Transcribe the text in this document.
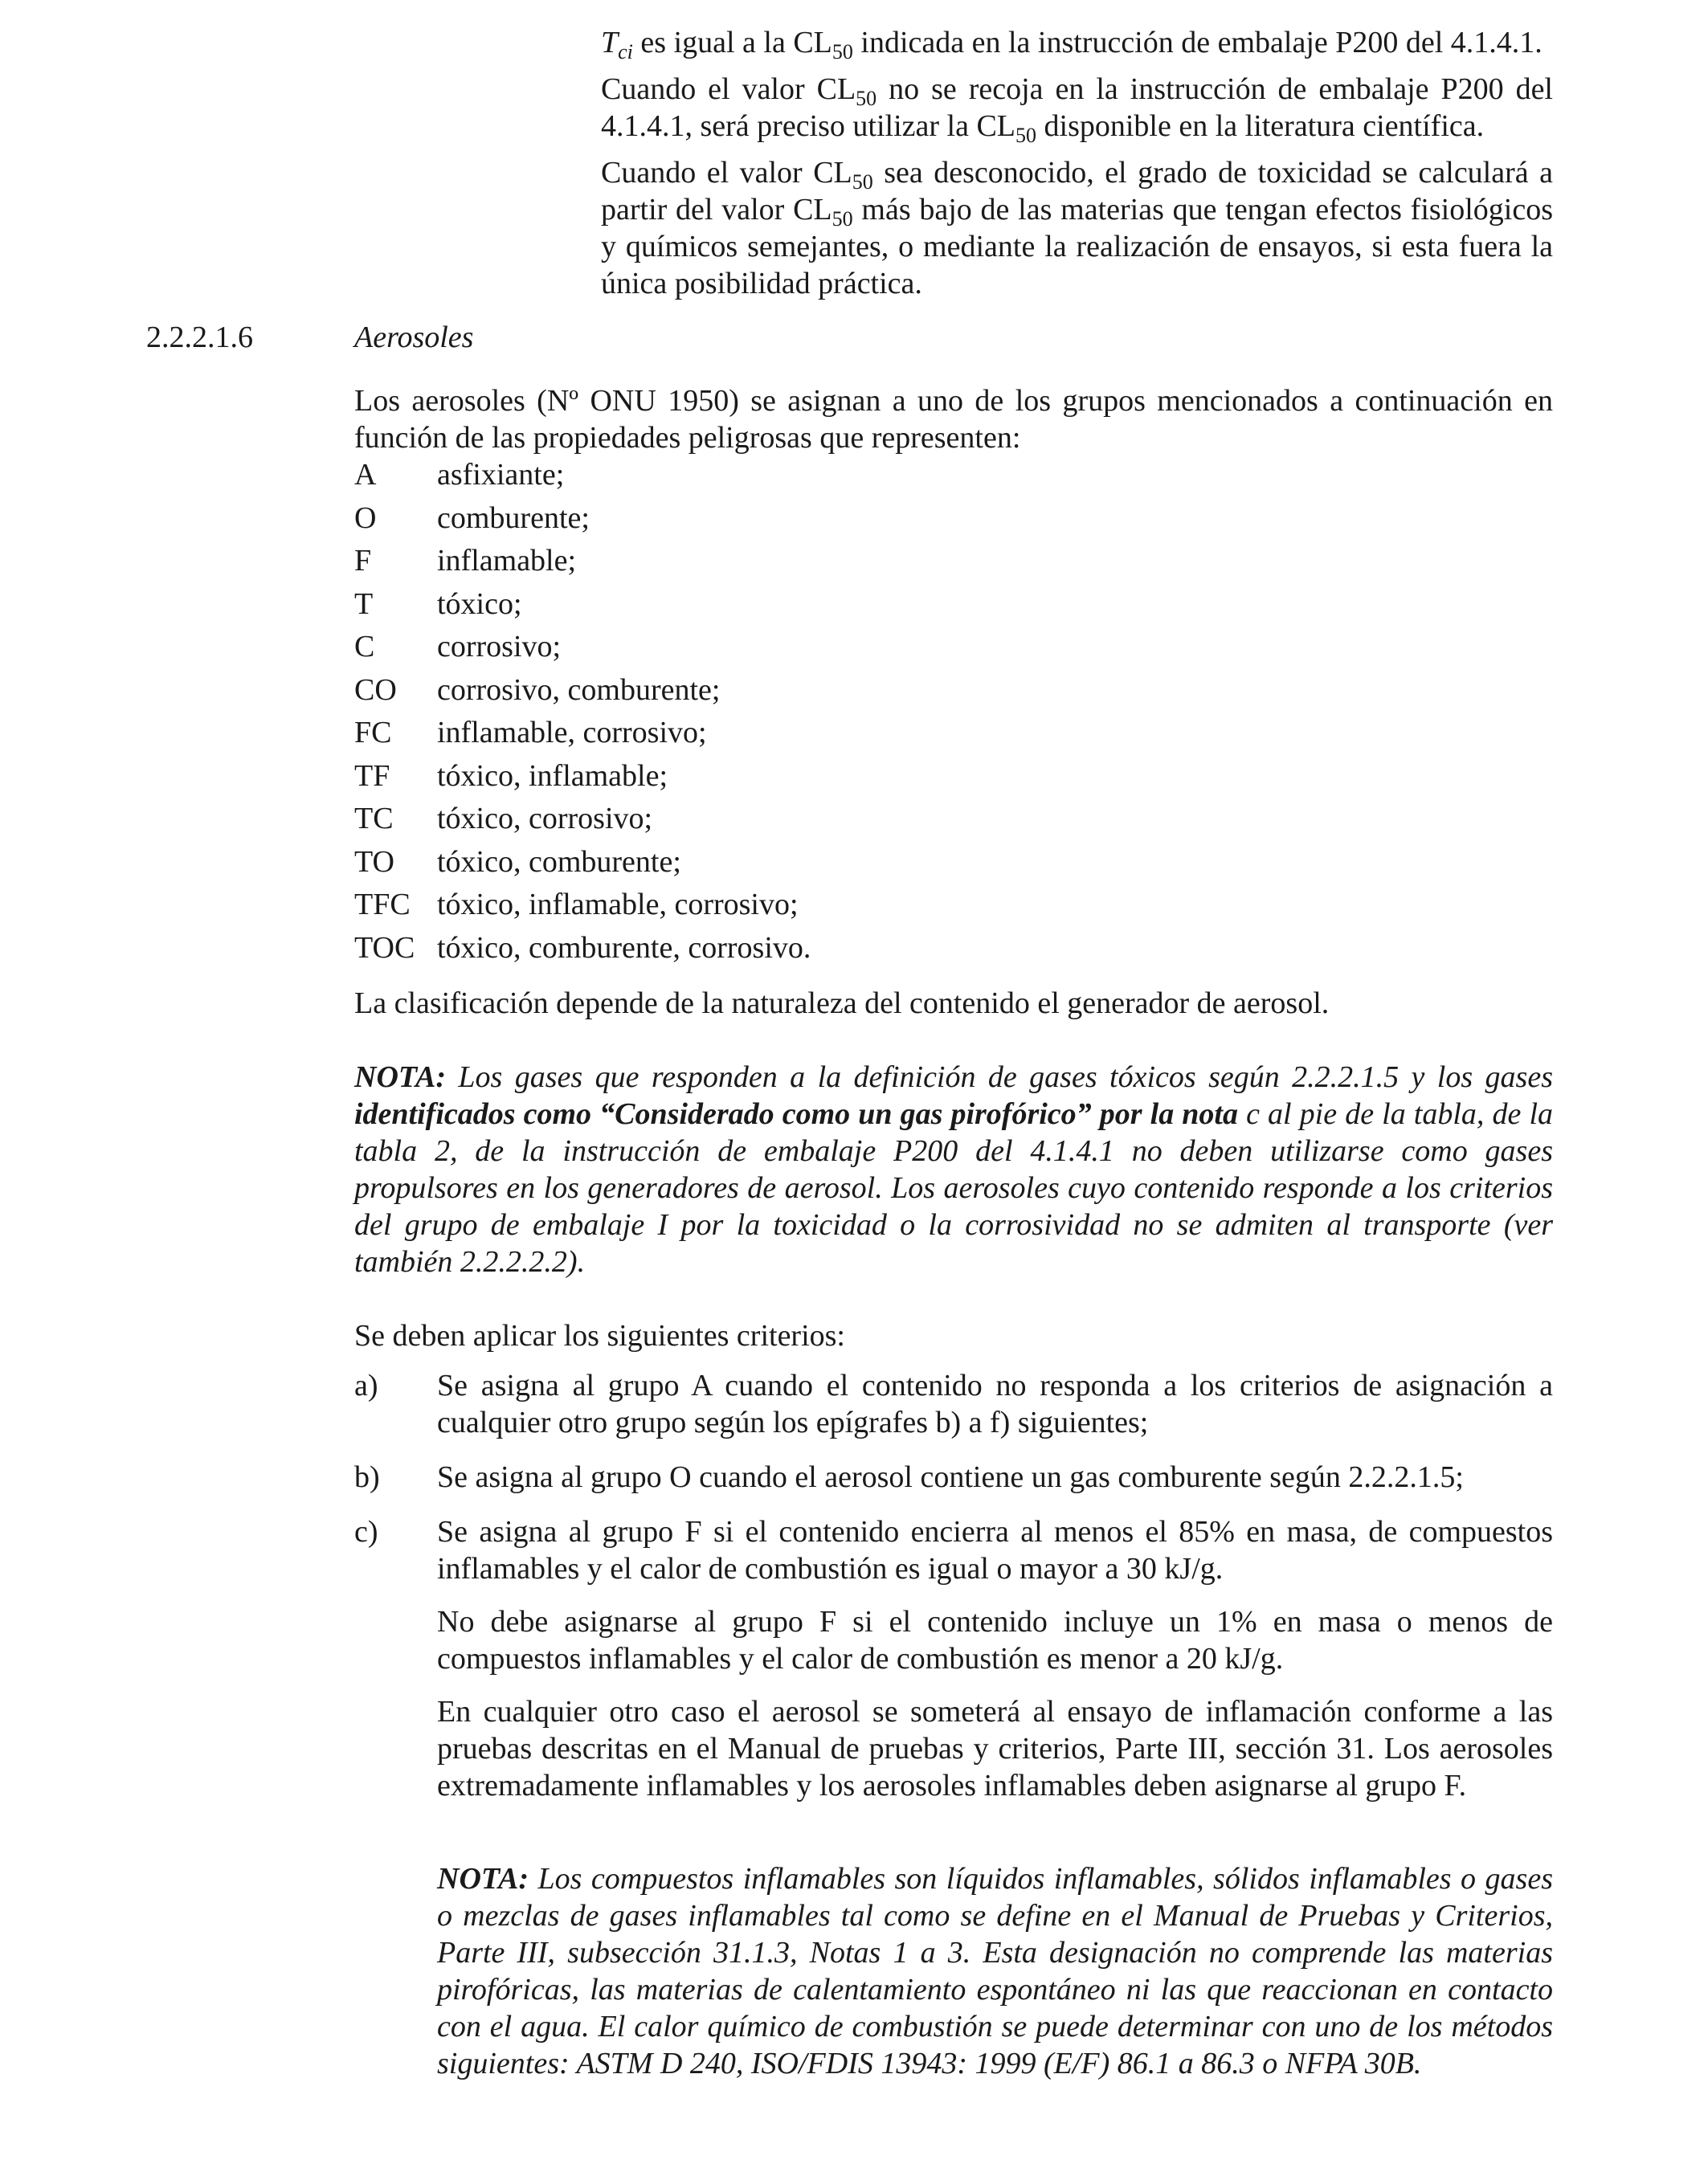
$T_{ci}$ es igual a la $CL_{50}$ indicada en la instrucción de embalaje P200 del 4.1.4.1.

Cuando el valor $CL_{50}$ no se recoja en la instrucción de embalaje P200 del 4.1.4.1, será preciso utilizar la $CL_{50}$ disponible en la literatura científica.

Cuando el valor $CL_{50}$ sea desconocido, el grado de toxicidad se calculará a partir del valor $CL_{50}$ más bajo de las materias que tengan efectos fisiológicos y químicos semejantes, o mediante la realización de ensayos, si esta fuera la única posibilidad práctica.

2.2.2.1.6	Aerosoles

Los aerosoles (Nº ONU 1950) se asignan a uno de los grupos mencionados a continuación en función de las propiedades peligrosas que representen:

A	asfixiante;
O	comburente;
F	inflamable;
T	tóxico;
C	corrosivo;
CO	corrosivo, comburente;
FC	inflamable, corrosivo;
TF	tóxico, inflamable;
TC	tóxico, corrosivo;
TO	tóxico, comburente;
TFC tóxico, inflamable, corrosivo;
TOC tóxico, comburente, corrosivo.

La clasificación depende de la naturaleza del contenido el generador de aerosol.

NOTA: Los gases que responden a la definición de gases tóxicos según 2.2.2.1.5 y los gases identificados como “Considerado como un gas pirofórico” por la nota c al pie de la tabla, de la tabla 2, de la instrucción de embalaje P200 del 4.1.4.1 no deben utilizarse como gases propulsores en los generadores de aerosol. Los aerosoles cuyo contenido responde a los criterios del grupo de embalaje I por la toxicidad o la corrosividad no se admiten al transporte (ver también 2.2.2.2.2).

Se deben aplicar los siguientes criterios:

a)	Se asigna al grupo A cuando el contenido no responda a los criterios de asignación a cualquier otro grupo según los epígrafes b) a f) siguientes;
b)	Se asigna al grupo O cuando el aerosol contiene un gas comburente según 2.2.2.1.5;
c)	Se asigna al grupo F si el contenido encierra al menos el 85% en masa, de compuestos inflamables y el calor de combustión es igual o mayor a 30 kJ/g.

No debe asignarse al grupo F si el contenido incluye un 1% en masa o menos de compuestos inflamables y el calor de combustión es menor a 20 kJ/g.

En cualquier otro caso el aerosol se someterá al ensayo de inflamación conforme a las pruebas descritas en el Manual de pruebas y criterios, Parte III, sección 31. Los aerosoles extremadamente inflamables y los aerosoles inflamables deben asignarse al grupo F.

NOTA: Los compuestos inflamables son líquidos inflamables, sólidos inflamables o gases o mezclas de gases inflamables tal como se define en el Manual de Pruebas y Criterios, Parte III, subsección 31.1.3, Notas 1 a 3. Esta designación no comprende las materias pirofóricas, las materias de calentamiento espontáneo ni las que reaccionan en contacto con el agua. El calor químico de combustión se puede determinar con uno de los métodos siguientes: ASTM D 240, ISO/FDIS 13943: 1999 (E/F) 86.1 a 86.3 o NFPA 30B.
